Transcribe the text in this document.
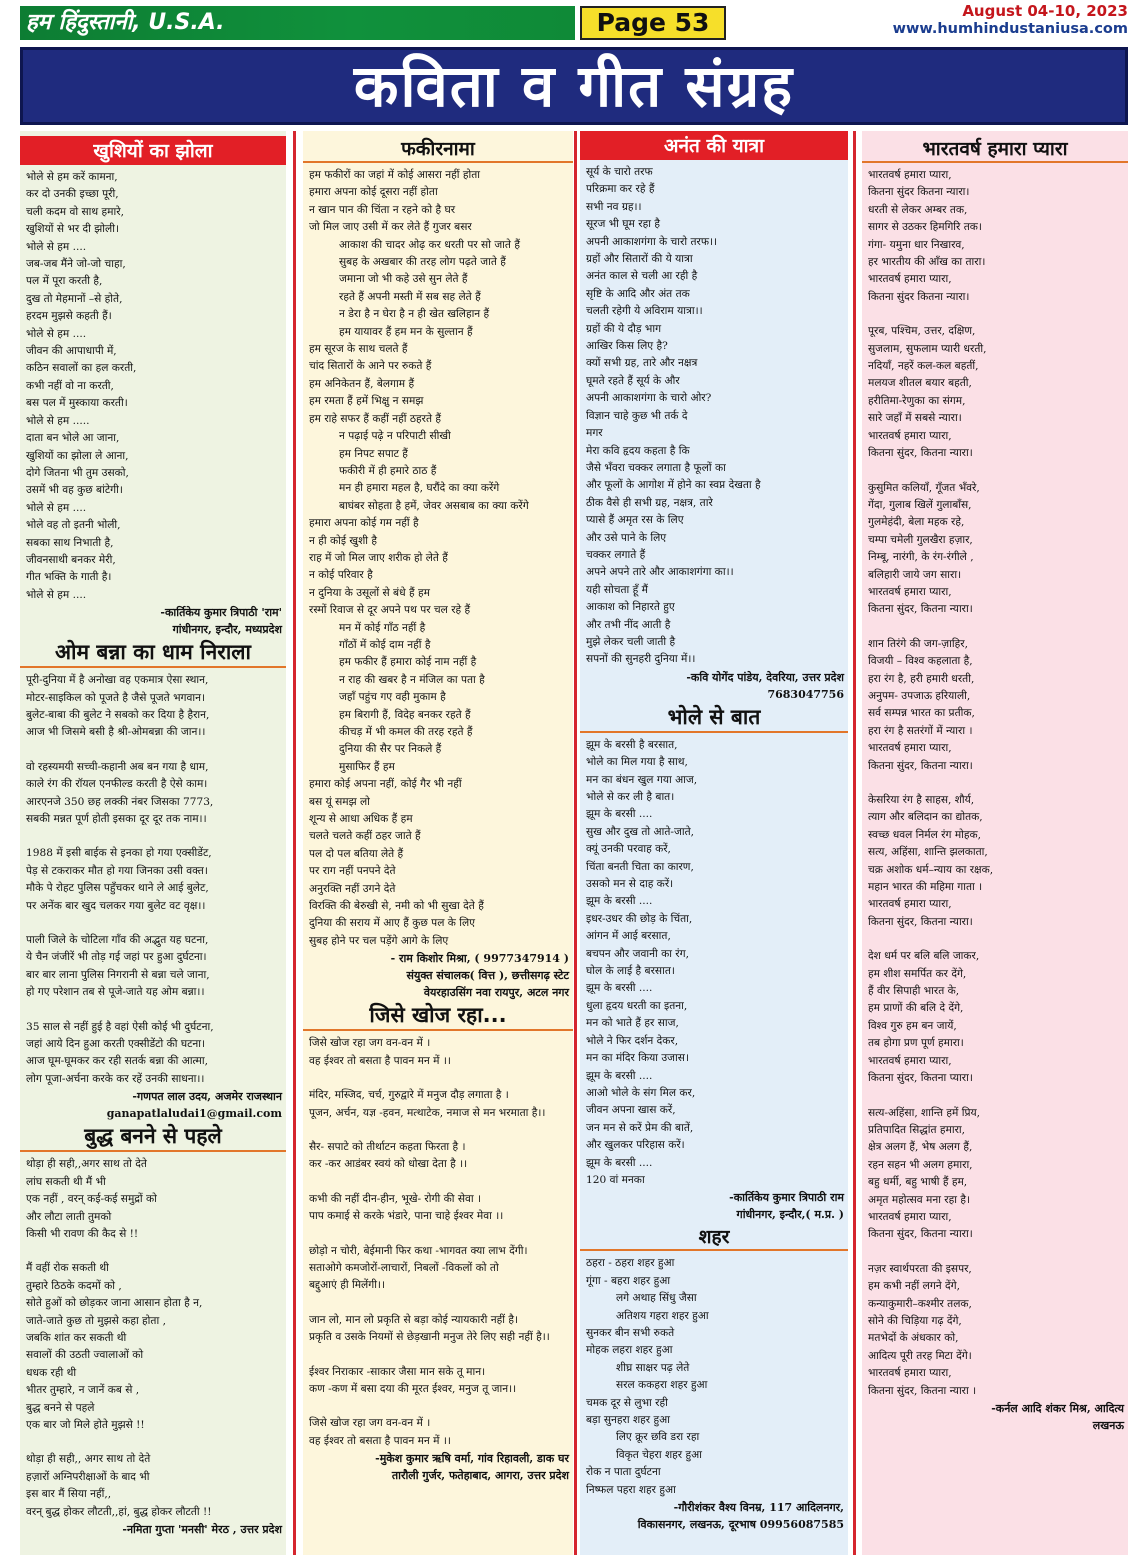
हम हिंदुस्तानी, U.S.A.	Page 53	August 04-10, 2023
www.humhindustaniusa.com
कविता व गीत संग्रह
खुशियों का झोला
भोले से हम करें कामना,
कर दो उनकी इच्छा पूरी,
चली कदम वो साथ हमारे,
खुशियों से भर दी झोली।
भोले से हम ....
जब-जब मैंने जो-जो चाहा,
पल में पूरा करती है,
दुख तो मेहमानों –से होते,
हरदम मुझसे कहती हैं।
भोले से हम ....
जीवन की आपाधापी में,
कठिन सवालों का हल करती,
कभी नहीं वो ना करती,
बस पल में मुस्काया करती।
भोले से हम .....
दाता बन भोले आ जाना,
खुशियों का झोला ले आना,
दोगे जितना भी तुम उसको,
उसमें भी वह कुछ बांटेगी।
भोले से हम ....
भोले वह तो इतनी भोली,
सबका साथ निभाती है,
जीवनसाथी बनकर मेरी,
गीत भक्ति के गाती है।
भोले से हम ....
-कार्तिकेय कुमार त्रिपाठी 'राम'
गांधीनगर, इन्दौर, मध्यप्रदेश
ओम बन्ना का धाम निराला
पूरी-दुनिया में है अनोखा वह एकमात्र ऐसा स्थान,
मोटर-साइकिल को पूजते है जैसे पूजते भगवान।
बुलेट-बाबा की बुलेट ने सबको कर दिया है हैरान,
आज भी जिसमे बसी है श्री-ओमबन्ना की जान।।
वो रहस्यमयी सच्ची-कहानी अब बन गया है धाम,
काले रंग की रॉयल एनफील्ड करती है ऐसे काम।
आरएनजे 350 छह लक्की नंबर जिसका 7773,
सबकी मन्नत पूर्ण होती इसका दूर दूर तक नाम।।
1988 में इसी बाईक से इनका हो गया एक्सीडेंट,
पेड़ से टकराकर मौत हो गया जिनका उसी वक्त।
मौके पे रोहट पुलिस पहुँचकर थाने ले आई बुलेट,
पर अनेंक बार खुद चलकर गया बुलेट वट वृक्ष।।
पाली जिले के चोटिला गाँव की अद्भुत यह घटना,
ये चैन जंजीरें भी तोड़ गई जहां पर हुआ दुर्घटना।
बार बार लाना पुलिस निगरानी से बन्ना चले जाना,
हो गए परेशान तब से पूजे-जाते यह ओम बन्ना।।
35 साल से नहीं हुई है वहां ऐसी कोई भी दुर्घटना,
जहां आये दिन हुआ करती एक्सीडेंटो की घटना।
आज घूम-घूमकर कर रही सतर्क बन्ना की आत्मा,
लोग पूजा-अर्चना करके कर रहें उनकी साधना।।
-गणपत लाल उदय, अजमेर राजस्थान
ganapatlaludai1@gmail.com
बुद्ध बनने से पहले
थोड़ा ही सही,,अगर साथ तो देते
लांघ सकती थी मैं भी
एक नहीं , वरन् कई-कई समुद्रों को
और लौटा लाती तुमको
किसी भी रावण की कैद से !!
मैं वहीं रोक सकती थी
तुम्हारे ठिठके कदमों को ,
सोते हुओं को छोड़कर जाना आसान होता है न,
जाते-जाते कुछ तो मुझसे कहा होता ,
जबकि शांत कर सकती थी
सवालों की उठती ज्वालाओं को
धधक रही थी
भीतर तुम्हारे, न जानें कब से ,
बुद्ध बनने से पहले
एक बार जो मिले होते मुझसे !!
थोड़ा ही सही,, अगर साथ तो देते
हज़ारों अग्निपरीक्षाओं के बाद भी
इस बार मैं सिया नहीं,,
वरन् बुद्ध होकर लौटती,,हां, बुद्ध होकर लौटती !!
-नमिता गुप्ता 'मनसी' मेरठ , उत्तर प्रदेश
फकीरनामा
हम फकीरों का जहां में कोई आसरा नहीं होता
हमारा अपना कोई दूसरा नहीं होता
न खान पान की चिंता न रहने को है घर
जो मिल जाए उसी में कर लेते हैं गुजर बसर
आकाश की चादर ओढ़ कर धरती पर सो जाते हैं
सुबह के अखबार की तरह लोग पढ़ते जाते हैं
जमाना जो भी कहे उसे सुन लेते हैं
रहते हैं अपनी मस्ती में सब सह लेते हैं
न डेरा है न घेरा है न ही खेत खलिहान हैं
हम यायावर हैं हम मन के सुल्तान हैं
हम सूरज के साथ चलते हैं
चांद सितारों के आने पर रुकते हैं
हम अनिकेतन हैं, बेलगाम हैं
हम रमता हैं हमें भिक्षु न समझ
हम राहे सफर हैं कहीं नहीं ठहरते हैं
न पढ़ाई पढ़े न परिपाटी सीखी
हम निपट सपाट हैं
फकीरी में ही हमारे ठाठ हैं
मन ही हमारा महल है, घरौंदे का क्या करेंगे
बाघंबर सोहता है हमें, जेवर असबाब का क्या करेंगे
हमारा अपना कोई गम नहीं है
न ही कोई खुशी है
राह में जो मिल जाए शरीक हो लेते हैं
न कोई परिवार है
न दुनिया के उसूलों से बंधे हैं हम
रस्मों रिवाज से दूर अपने पथ पर चल रहे हैं
मन में कोई गाँठ नहीं है
गाँठों में कोई दाम नहीं है
हम फकीर हैं हमारा कोई नाम नहीं है
न राह की खबर है न मंजिल का पता है
जहाँ पहुंच गए वही मुकाम है
हम बिरागी हैं, विदेह बनकर रहते हैं
कीचड़ में भी कमल की तरह रहते हैं
दुनिया की सैर पर निकले हैं
मुसाफिर हैं हम
हमारा कोई अपना नहीं, कोई गैर भी नहीं
बस यूं समझ लो
शून्य से आधा अधिक हैं हम
चलते चलते कहीं ठहर जाते हैं
पल दो पल बतिया लेते हैं
पर राग नहीं पनपने देते
अनुरक्ति नहीं उगने देते
विरक्ति की बेरुखी से, नमी को भी सुखा देते हैं
दुनिया की सराय में आए हैं कुछ पल के लिए
सुबह होने पर चल पड़ेंगे आगे के लिए
- राम किशोर मिश्रा, ( 9977347914 )
संयुक्त संचालक( वित्त ), छत्तीसगढ़ स्टेट
वेयरहाउसिंग नवा रायपुर, अटल नगर
जिसे खोज रहा...
जिसे खोज रहा जग वन-वन में ।
वह ईश्वर तो बसता है पावन मन में ।।
मंदिर, मस्जिद, चर्च, गुरुद्वारे में मनुज दौड़ लगाता है ।
पूजन, अर्चन, यज्ञ -हवन, मत्थाटेक, नमाज से मन भरमाता है।।
सैर- सपाटे को तीर्थाटन कहता फिरता है ।
कर -कर आडंबर स्वयं को धोखा देता है ।।
कभी की नहीं दीन-हीन, भूखे- रोगी की सेवा ।
पाप कमाई से करके भंडारे, पाना चाहे ईश्वर मेवा ।।
छोड़ो न चोरी, बेईमानी फिर कथा -भागवत क्या लाभ देंगी।
सताओगे कमजोरों-लाचारों, निबलों -विकलों को तो
बद्दुआएं ही मिलेंगी।।
जान लो, मान लो प्रकृति से बड़ा कोई न्यायकारी नहीं है।
प्रकृति व उसके नियमों से छेड़खानी मनुज तेरे लिए सही नहीं है।।
ईश्वर निराकार -साकार जैसा मान सके तू मान।
कण -कण में बसा दया की मूरत ईश्वर, मनुज तू जान।।
जिसे खोज रहा जग वन-वन में ।
वह ईश्वर तो बसता है पावन मन में ।।
-मुकेश कुमार ऋषि वर्मा, गांव रिहावली, डाक घर
तारौली गुर्जर, फतेहाबाद, आगरा, उत्तर प्रदेश
अनंत की यात्रा
सूर्य के चारो तरफ
परिक्रमा कर रहे हैं
सभी नव ग्रह।।
सूरज भी घूम रहा है
अपनी आकाशगंगा के चारो तरफ।।
ग्रहों और सितारों की ये यात्रा
अनंत काल से चली आ रही है
सृष्टि के आदि और अंत तक
चलती रहेगी ये अविराम यात्रा।।
ग्रहों की ये दौड़ भाग
आखिर किस लिए है?
क्यों सभी ग्रह, तारे और नक्षत्र
घूमते रहते हैं सूर्य के और
अपनी आकाशगंगा के चारो ओर?
विज्ञान चाहे कुछ भी तर्क दे
मगर
मेरा कवि हृदय कहता है कि
जैसे भँवरा चक्कर लगाता है फूलों का
और फूलों के आगोश में होने का स्वप्न देखता है
ठीक वैसे ही सभी ग्रह, नक्षत्र, तारे
प्यासे हैं अमृत रस के लिए
और उसे पाने के लिए
चक्कर लगाते हैं
अपने अपने तारे और आकाशगंगा का।।
यही सोचता हूँ मैं
आकाश को निहारते हुए
और तभी नींद आती है
मुझे लेकर चली जाती है
सपनों की सुनहरी दुनिया में।।
-कवि योगेंद पांडेय, देवरिया, उत्तर प्रदेश
7683047756
भोले से बात
झूम के बरसी है बरसात,
भोले का मिल गया है साथ,
मन का बंधन खुल गया आज,
भोले से कर ली है बात।
झूम के बरसी ....
सुख और दुख तो आते-जाते,
क्यूं उनकी परवाह करें,
चिंता बनती चिता का कारण,
उसको मन से दाह करें।
झूम के बरसी ....
इधर-उधर की छोड़ के चिंता,
आंगन में आई बरसात,
बचपन और जवानी का रंग,
घोल के लाई है बरसात।
झूम के बरसी ....
धुला हृदय धरती का इतना,
मन को भाते हैं हर साज,
भोले ने फिर दर्शन देकर,
मन का मंदिर किया उजास।
झूम के बरसी ....
आओ भोले के संग मिल कर,
जीवन अपना खास करें,
जन मन से करें प्रेम की बातें,
और खुलकर परिहास करें।
झूम के बरसी ....
120 वां मनका
-कार्तिकेय कुमार त्रिपाठी राम
गांधीनगर, इन्दौर,( म.प्र. )
शहर
ठहरा - ठहरा शहर हुआ
गूंगा - बहरा शहर हुआ
लगे अथाह सिंधु जैसा
अतिशय गहरा शहर हुआ
सुनकर बीन सभी रुकते
मोहक लहरा शहर हुआ
शीघ्र साक्षर पढ़ लेते
सरल ककहरा शहर हुआ
चमक दूर से लुभा रही
बड़ा सुनहरा शहर हुआ
लिए क्रूर छवि डरा रहा
विकृत चेहरा शहर हुआ
रोक न पाता दुर्घटना
निष्फल पहरा शहर हुआ
-गौरीशंकर वैश्य विनम्र, 117 आदिलनगर,
विकासनगर, लखनऊ, दूरभाष 09956087585
भारतवर्ष हमारा प्यारा
भारतवर्ष हमारा प्यारा,
कितना सुंदर कितना न्यारा।
धरती से लेकर अम्बर तक,
सागर से उठकर हिमगिरि तक।
गंगा- यमुना धार निखारव,
हर भारतीय की आँख का तारा।
भारतवर्ष हमारा प्यारा,
कितना सुंदर कितना न्यारा।
पूरब, पश्चिम, उत्तर, दक्षिण,
सुजलाम, सुफलाम प्यारी धरती,
नदियाँ, नहरें कल-कल बहतीं,
मलयज शीतल बयार बहती,
हरीतिमा-रेणुका का संगम,
सारे जहाँ में सबसे न्यारा।
भारतवर्ष हमारा प्यारा,
कितना सुंदर, कितना न्यारा।
कुसुमित कलियाँ, गूँजत भँवरे,
गेंदा, गुलाब खिलें गुलाबाँस,
गुलमेहंदी, बेला महक रहे,
चम्पा चमेली गुलखैरा हज़ार,
निम्बू, नारंगी, के रंग-रंगीले ,
बलिहारी जाये जग सारा।
भारतवर्ष हमारा प्यारा,
कितना सुंदर, कितना न्यारा।
शान तिरंगे की जग-ज़ाहिर,
विजयी – विश्व कहलाता है,
हरा रंग है, हरी हमारी धरती,
अनुपम- उपजाऊ हरियाली,
सर्व सम्पन्न भारत का प्रतीक,
हरा रंग है सतरंगों में न्यारा ।
भारतवर्ष हमारा प्यारा,
कितना सुंदर, कितना न्यारा।
केसरिया रंग है साहस, शौर्य,
त्याग और बलिदान का द्योतक,
स्वच्छ धवल निर्मल रंग मोहक,
सत्य, अहिंसा, शान्ति झलकाता,
चक्र अशोक धर्म–न्याय का रक्षक,
महान भारत की महिमा गाता ।
भारतवर्ष हमारा प्यारा,
कितना सुंदर, कितना न्यारा।
देश धर्म पर बलि बलि जाकर,
हम शीश समर्पित कर देंगे,
हैं वीर सिपाही भारत के,
हम प्राणों की बलि दे देंगे,
विश्व गुरु हम बन जायें,
तब होगा प्रण पूर्ण हमारा।
भारतवर्ष हमारा प्यारा,
कितना सुंदर, कितना प्यारा।
सत्य-अहिंसा, शान्ति हमें प्रिय,
प्रतिपादित सिद्धांत हमारा,
क्षेत्र अलग हैं, भेष अलग हैं,
रहन सहन भी अलग हमारा,
बहु धर्मी, बहु भाषी हैं हम,
अमृत महोत्सव मना रहा है।
भारतवर्ष हमारा प्यारा,
कितना सुंदर, कितना न्यारा।
नज़र स्वार्थपरता की इसपर,
हम कभी नहीं लगने देंगे,
कन्याकुमारी–कश्मीर तलक,
सोने की चिड़िया गढ़ देंगे,
मतभेदों के अंधकार को,
आदित्य पूरी तरह मिटा देंगे।
भारतवर्ष हमारा प्यारा,
कितना सुंदर, कितना न्यारा ।
-कर्नल आदि शंकर मिश्र, आदित्य
लखनऊ
